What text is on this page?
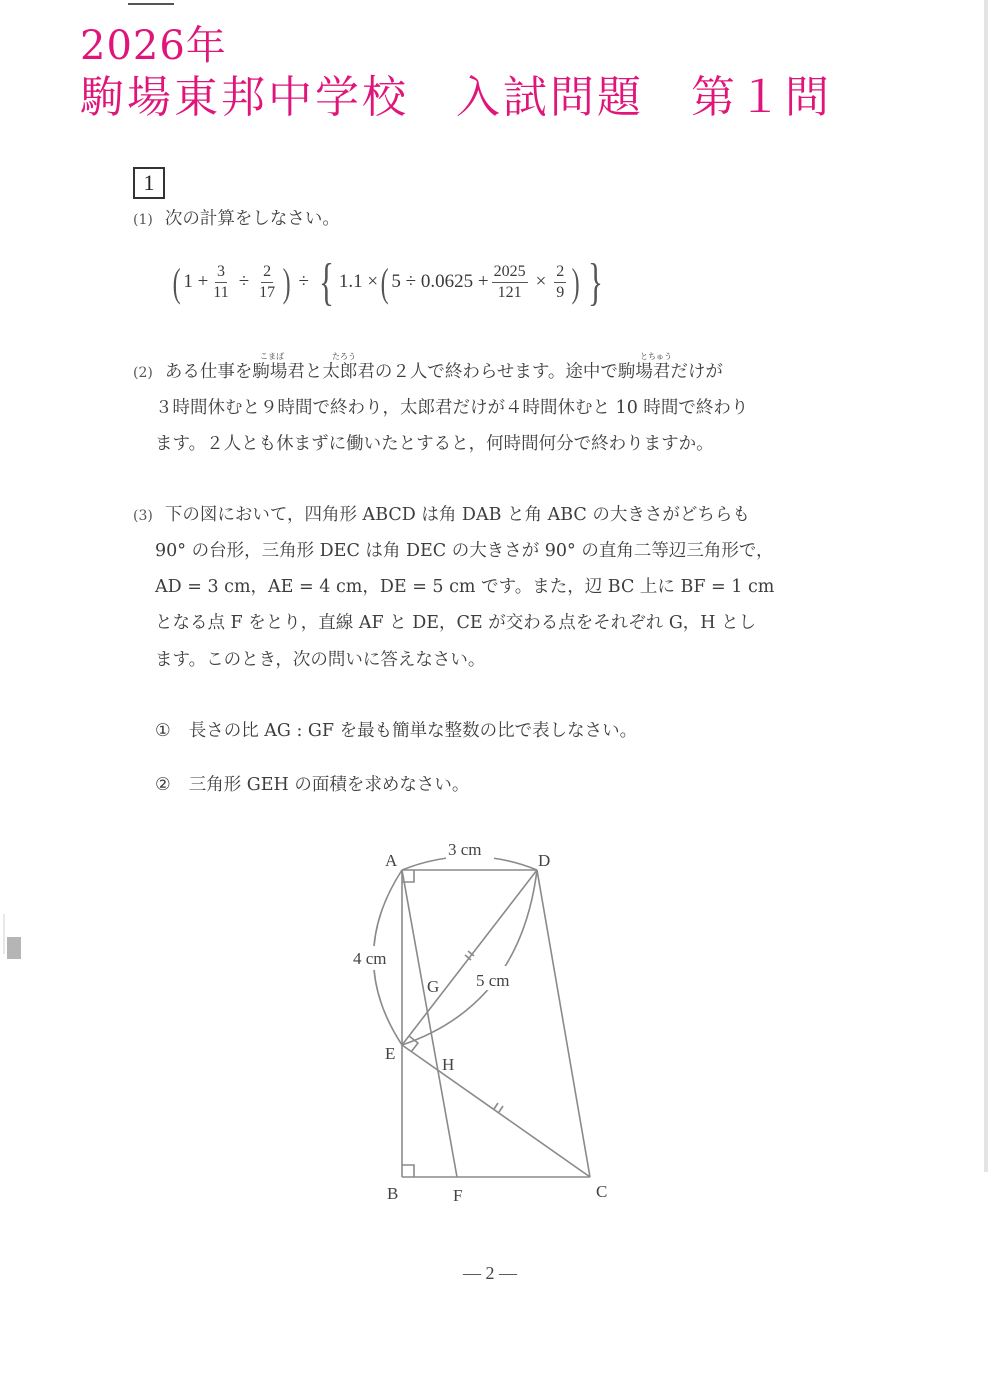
2026年
駒場東邦中学校　入試問題　第１問
1
(1) 次の計算をしなさい。
( $1 + \frac{3}{11} \div \frac{2}{17}$ ) ÷ { 1.1 × ( $5 \div 0.0625 + \frac{2025}{121} \times \frac{2}{9}$ ) }
こまば	たろう	とちゅう
(2) ある仕事を駒場君と太郎君の２人で終わらせます。途中で駒場君だけが
３時間休むと９時間で終わり，太郎君だけが４時間休むと 10 時間で終わり
ます。２人とも休まずに働いたとすると，何時間何分で終わりますか。
(3) 下の図において，四角形 ABCD は角 DAB と角 ABC の大きさがどちらも
90° の台形，三角形 DEC は角 DEC の大きさが 90° の直角二等辺三角形で，
AD = 3 cm，AE = 4 cm，DE = 5 cm です。また，辺 BC 上に BF = 1 cm
となる点 F をとり，直線 AF と DE，CE が交わる点をそれぞれ G，H とし
ます。このとき，次の問いに答えなさい。
① 長さの比 AG : GF を最も簡単な整数の比で表しなさい。
② 三角形 GEH の面積を求めなさい。
A	D
E
B	F	C
G
H
3 cm
4 cm
5 cm
— 2 —
